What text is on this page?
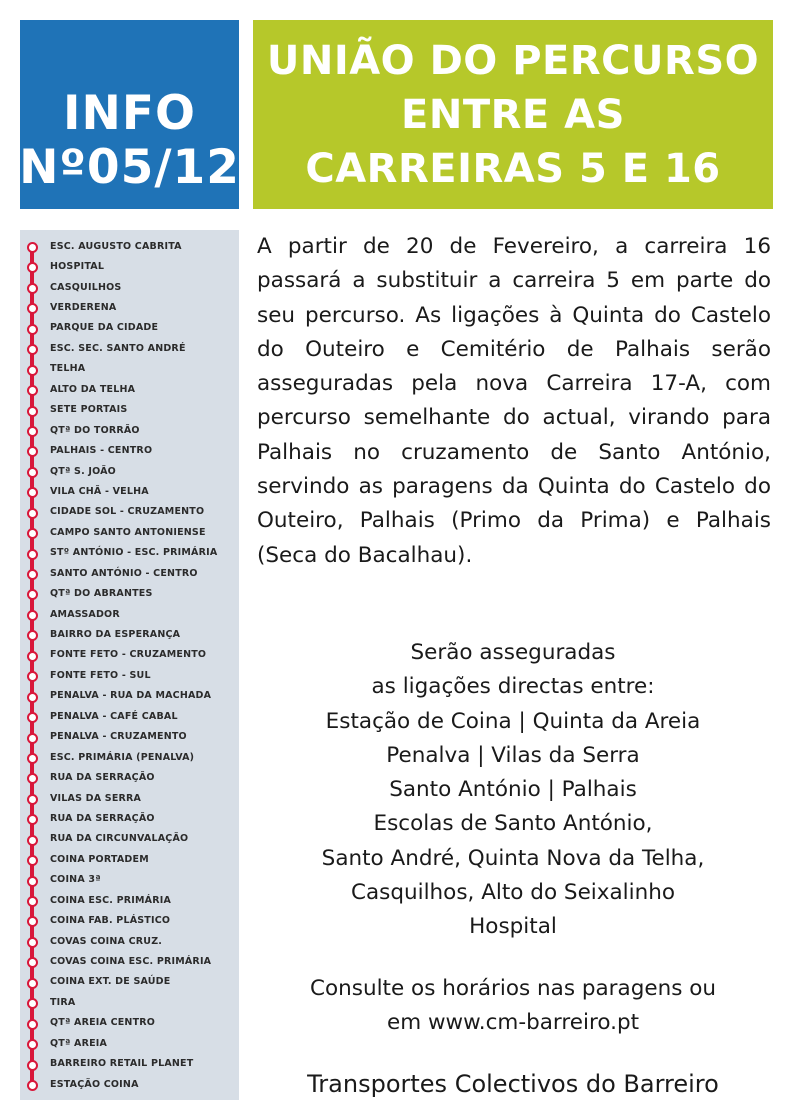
INFO
Nº05/12
UNIÃO DO PERCURSO
ENTRE AS
CARREIRAS 5 E 16
ESC. AUGUSTO CABRITA
HOSPITAL
CASQUILHOS
VERDERENA
PARQUE DA CIDADE
ESC. SEC. SANTO ANDRÉ
TELHA
ALTO DA TELHA
SETE PORTAIS
QTª DO TORRÃO
PALHAIS - CENTRO
QTª S. JOÃO
VILA CHÃ - VELHA
CIDADE SOL - CRUZAMENTO
CAMPO SANTO ANTONIENSE
STº ANTÓNIO - ESC. PRIMÁRIA
SANTO ANTÓNIO - CENTRO
QTª DO ABRANTES
AMASSADOR
BAIRRO DA ESPERANÇA
FONTE FETO - CRUZAMENTO
FONTE FETO - SUL
PENALVA - RUA DA MACHADA
PENALVA - CAFÉ CABAL
PENALVA - CRUZAMENTO
ESC. PRIMÁRIA (PENALVA)
RUA DA SERRAÇÃO
VILAS DA SERRA
RUA DA SERRAÇÃO
RUA DA CIRCUNVALAÇÃO
COINA PORTADEM
COINA 3ª
COINA ESC. PRIMÁRIA
COINA FAB. PLÁSTICO
COVAS COINA CRUZ.
COVAS COINA ESC. PRIMÁRIA
COINA EXT. DE SAÚDE
TIRA
QTª AREIA CENTRO
QTª AREIA
BARREIRO RETAIL PLANET
ESTAÇÃO COINA

A partir de 20 de Fevereiro, a carreira 16 passará a substituir a carreira 5 em parte do seu percurso. As ligações à Quinta do Castelo do Outeiro e Cemitério de Palhais serão asseguradas pela nova Carreira 17-A, com percurso semelhante do actual, virando para Palhais no cruzamento de Santo António, servindo as paragens da Quinta do Castelo do Outeiro, Palhais (Primo da Prima) e Palhais (Seca do Bacalhau).

Serão asseguradas
as ligações directas entre:
Estação de Coina | Quinta da Areia
Penalva | Vilas da Serra
Santo António | Palhais
Escolas de Santo António,
Santo André, Quinta Nova da Telha,
Casquilhos, Alto do Seixalinho
Hospital
Consulte os horários nas paragens ou
em www.cm-barreiro.pt
Transportes Colectivos do Barreiro
